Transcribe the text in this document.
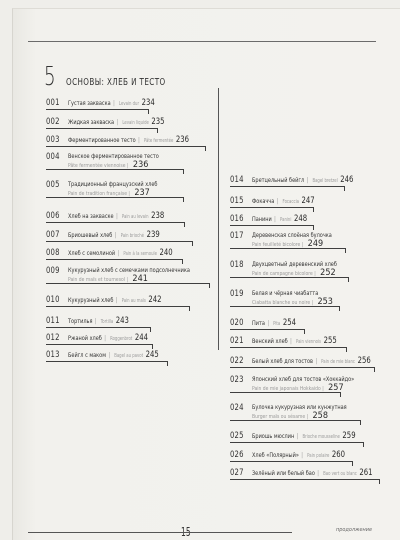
5 ОСНОВЫ: ХЛЕБ И ТЕСТО
001 Густая закваска | Levain dur 234
002 Жидкая закваска | Levain liquide 235
003 Ферментированное тесто | Pâte fermentée 236
004 Венское ферментированное тесто
Pâte fermentée viennoise | 236
005 Традиционный французский хлеб
Pain de tradition française | 237
006 Хлеб на закваске | Pain au levain 238
007 Бриошевый хлеб | Pain brioché 239
008 Хлеб с семолиной | Pain à la semoule 240
009 Кукурузный хлеб с семечками подсолнечника
Pain de maïs et tournesol | 241
010 Кукурузный хлеб | Pain au maïs 242
011 Тортилья | Tortilla 243
012 Ржаной хлеб | Roggenbrot 244
013 Бейгл с маком | Bagel au pavot 245
014 Бретцельный бейгл | Bagel bretzel 246
015 Фокачча | Focaccia 247
016 Панини | Panini 248
017 Деревенская слоёная булочка
Pain feuilleté bicolore | 249
018 Двухцветный деревенский хлеб
Pain de campagne bicolore | 252
019 Белая и чёрная чиабатта
Ciabatta blanche ou noire | 253
020 Пита | Pita 254
021 Венский хлеб | Pain viennois 255
022 Белый хлеб для тостов | Pain de mie blanc 256
023 Японский хлеб для тостов «Хоккайдо»
Pain de mie japonais Hokkaido | 257
024 Булочка кукурузная или кунжутная
Burger maïs ou sésame | 258
025 Бриошь мюслин | Brioche mousseline 259
026 Хлеб «Полярный» | Pain polaire 260
027 Зелёный или белый бао | Bao vert ou blanc 261
15	продолжение
